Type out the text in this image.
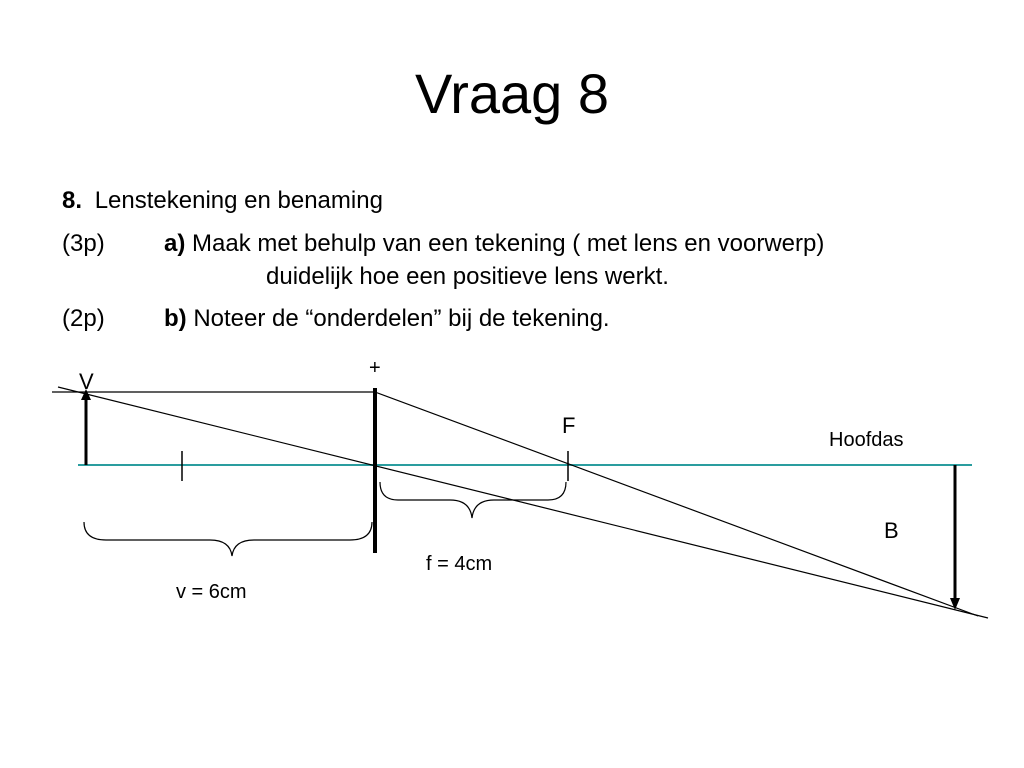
Vraag 8
8. Lenstekening en benaming
(3p) a) Maak met behulp van een tekening ( met lens en voorwerp)
duidelijk hoe een positieve lens werkt.
(2p) b) Noteer de “onderdelen” bij de tekening.
V
+
F
Hoofdas
B
f = 4cm
v = 6cm
